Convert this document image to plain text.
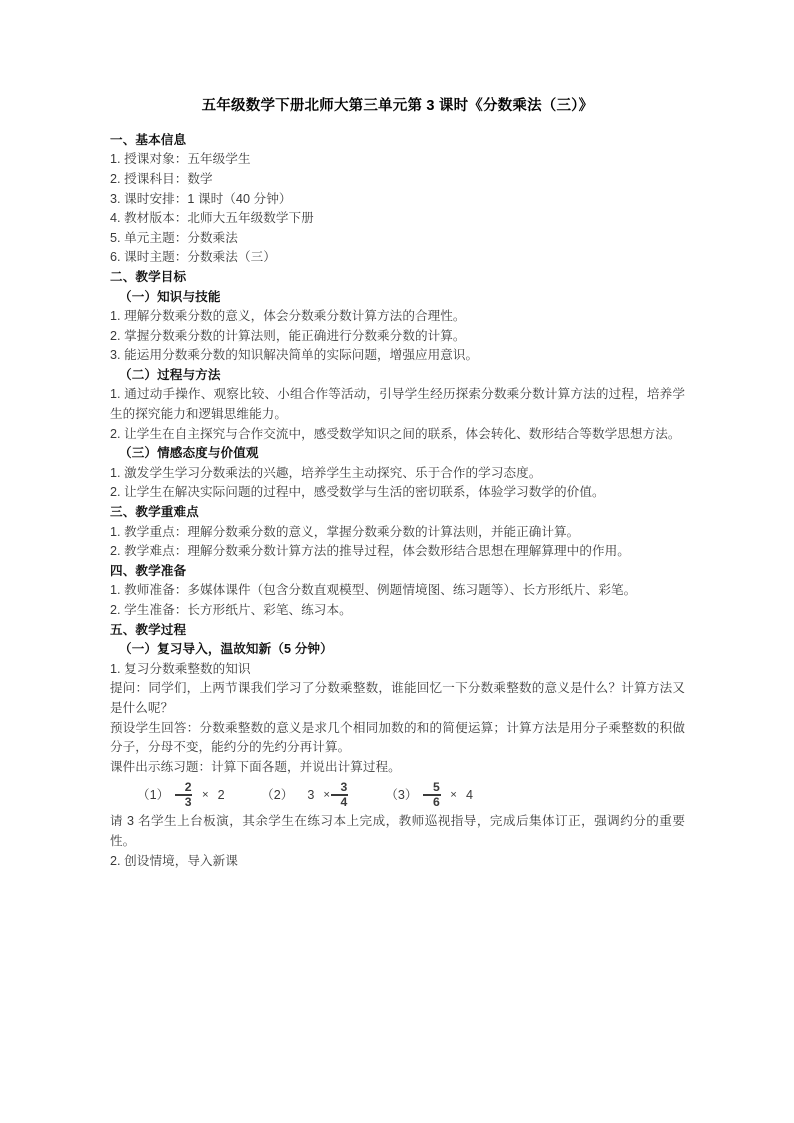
五年级数学下册北师大第三单元第 3 课时《分数乘法（三）》
一、基本信息

1. 授课对象：五年级学生

2. 授课科目：数学

3. 课时安排：1 课时（40 分钟）

4. 教材版本：北师大五年级数学下册

5. 单元主题：分数乘法

6. 课时主题：分数乘法（三）

二、教学目标
（一）知识与技能

1. 理解分数乘分数的意义，体会分数乘分数计算方法的合理性。

2. 掌握分数乘分数的计算法则，能正确进行分数乘分数的计算。

3. 能运用分数乘分数的知识解决简单的实际问题，增强应用意识。

（二）过程与方法

1. 通过动手操作、观察比较、小组合作等活动，引导学生经历探索分数乘分数计算方法的过程，培养学生的探究能力和逻辑思维能力。

2. 让学生在自主探究与合作交流中，感受数学知识之间的联系，体会转化、数形结合等数学思想方法。

（三）情感态度与价值观

1. 激发学生学习分数乘法的兴趣，培养学生主动探究、乐于合作的学习态度。

2. 让学生在解决实际问题的过程中，感受数学与生活的密切联系，体验学习数学的价值。

三、教学重难点

1. 教学重点：理解分数乘分数的意义，掌握分数乘分数的计算法则，并能正确计算。

2. 教学难点：理解分数乘分数计算方法的推导过程，体会数形结合思想在理解算理中的作用。

四、教学准备

1. 教师准备：多媒体课件（包含分数直观模型、例题情境图、练习题等）、长方形纸片、彩笔。

2. 学生准备：长方形纸片、彩笔、练习本。

五、教学过程
（一）复习导入，温故知新（5 分钟）

1. 复习分数乘整数的知识

提问：同学们，上两节课我们学习了分数乘整数，谁能回忆一下分数乘整数的意义是什么？计算方法又是什么呢？

预设学生回答：分数乘整数的意义是求几个相同加数的和的简便运算；计算方法是用分子乘整数的积做分子，分母不变，能约分的先约分再计算。

课件出示练习题：计算下面各题，并说出计算过程。

$(1) \frac{2}{3} \times 2$	（2） $3 \times \frac{3}{4}$	$(3) \frac{5}{6} \times 4$

请 3 名学生上台板演，其余学生在练习本上完成，教师巡视指导，完成后集体订正，强调约分的重要性。

2. 创设情境，导入新课
